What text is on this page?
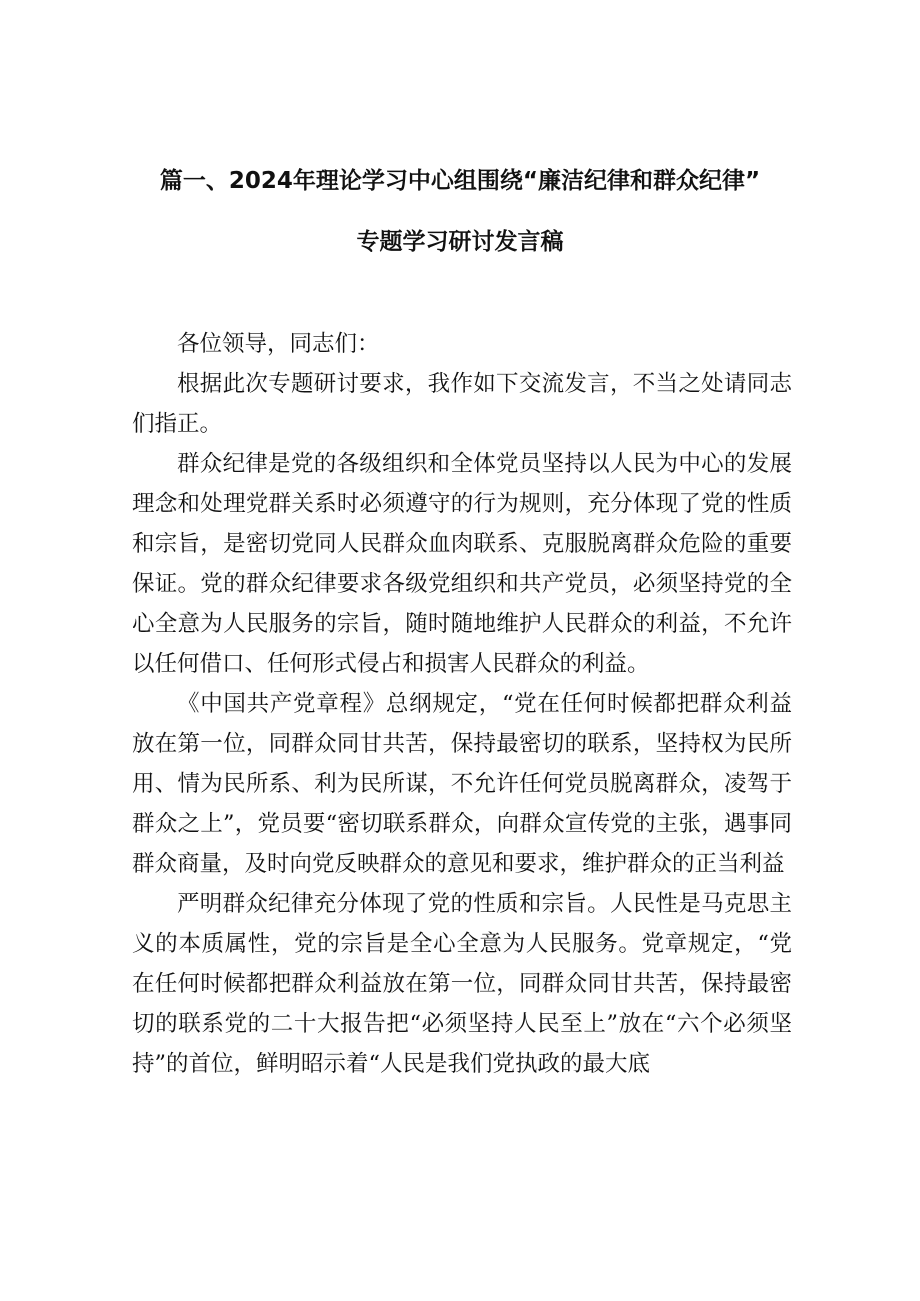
篇一、2024年理论学习中心组围绕“廉洁纪律和群众纪律”
专题学习研讨发言稿

各位领导，同志们：

根据此次专题研讨要求，我作如下交流发言，不当之处请同志们指正。

群众纪律是党的各级组织和全体党员坚持以人民为中心的发展理念和处理党群关系时必须遵守的行为规则，充分体现了党的性质和宗旨，是密切党同人民群众血肉联系、克服脱离群众危险的重要保证。党的群众纪律要求各级党组织和共产党员，必须坚持党的全心全意为人民服务的宗旨，随时随地维护人民群众的利益，不允许以任何借口、任何形式侵占和损害人民群众的利益。

《中国共产党章程》总纲规定，“党在任何时候都把群众利益放在第一位，同群众同甘共苦，保持最密切的联系，坚持权为民所用、情为民所系、利为民所谋，不允许任何党员脱离群众，凌驾于群众之上”，党员要“密切联系群众，向群众宣传党的主张，遇事同群众商量，及时向党反映群众的意见和要求，维护群众的正当利益

严明群众纪律充分体现了党的性质和宗旨。人民性是马克思主义的本质属性，党的宗旨是全心全意为人民服务。党章规定，“党在任何时候都把群众利益放在第一位，同群众同甘共苦，保持最密切的联系党的二十大报告把“必须坚持人民至上”放在“六个必须坚持”的首位，鲜明昭示着“人民是我们党执政的最大底
